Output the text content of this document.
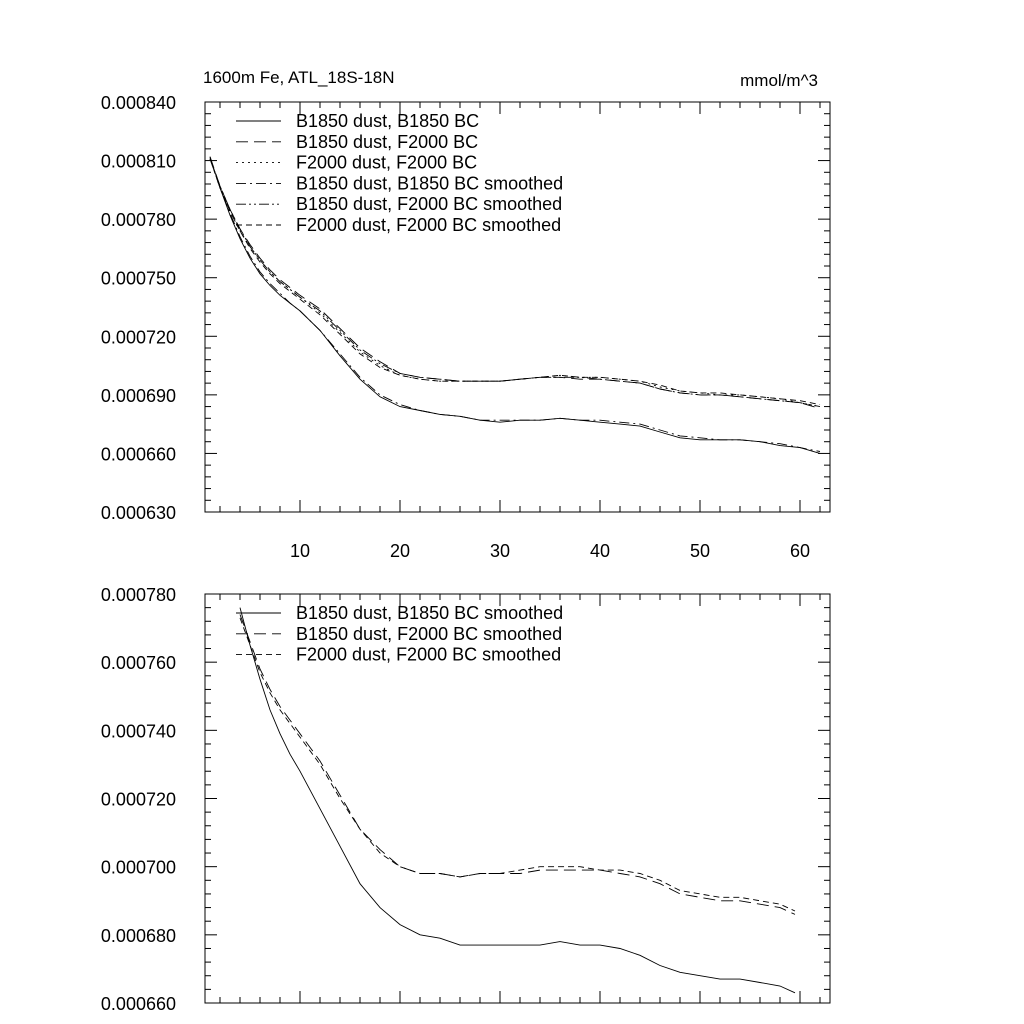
1600m Fe, ATL_18S-18N	mmol/m^3
0.000630
0.000660
0.000690
0.000720
0.000750
0.000780
0.000810
0.000840
10	20	30	40	50	60
B1850 dust, B1850 BC
B1850 dust, F2000 BC
F2000 dust, F2000 BC
B1850 dust, B1850 BC smoothed
B1850 dust, F2000 BC smoothed
F2000 dust, F2000 BC smoothed
0.000660
0.000680
0.000700
0.000720
0.000740
0.000760
0.000780
B1850 dust, B1850 BC smoothed
B1850 dust, F2000 BC smoothed
F2000 dust, F2000 BC smoothed
